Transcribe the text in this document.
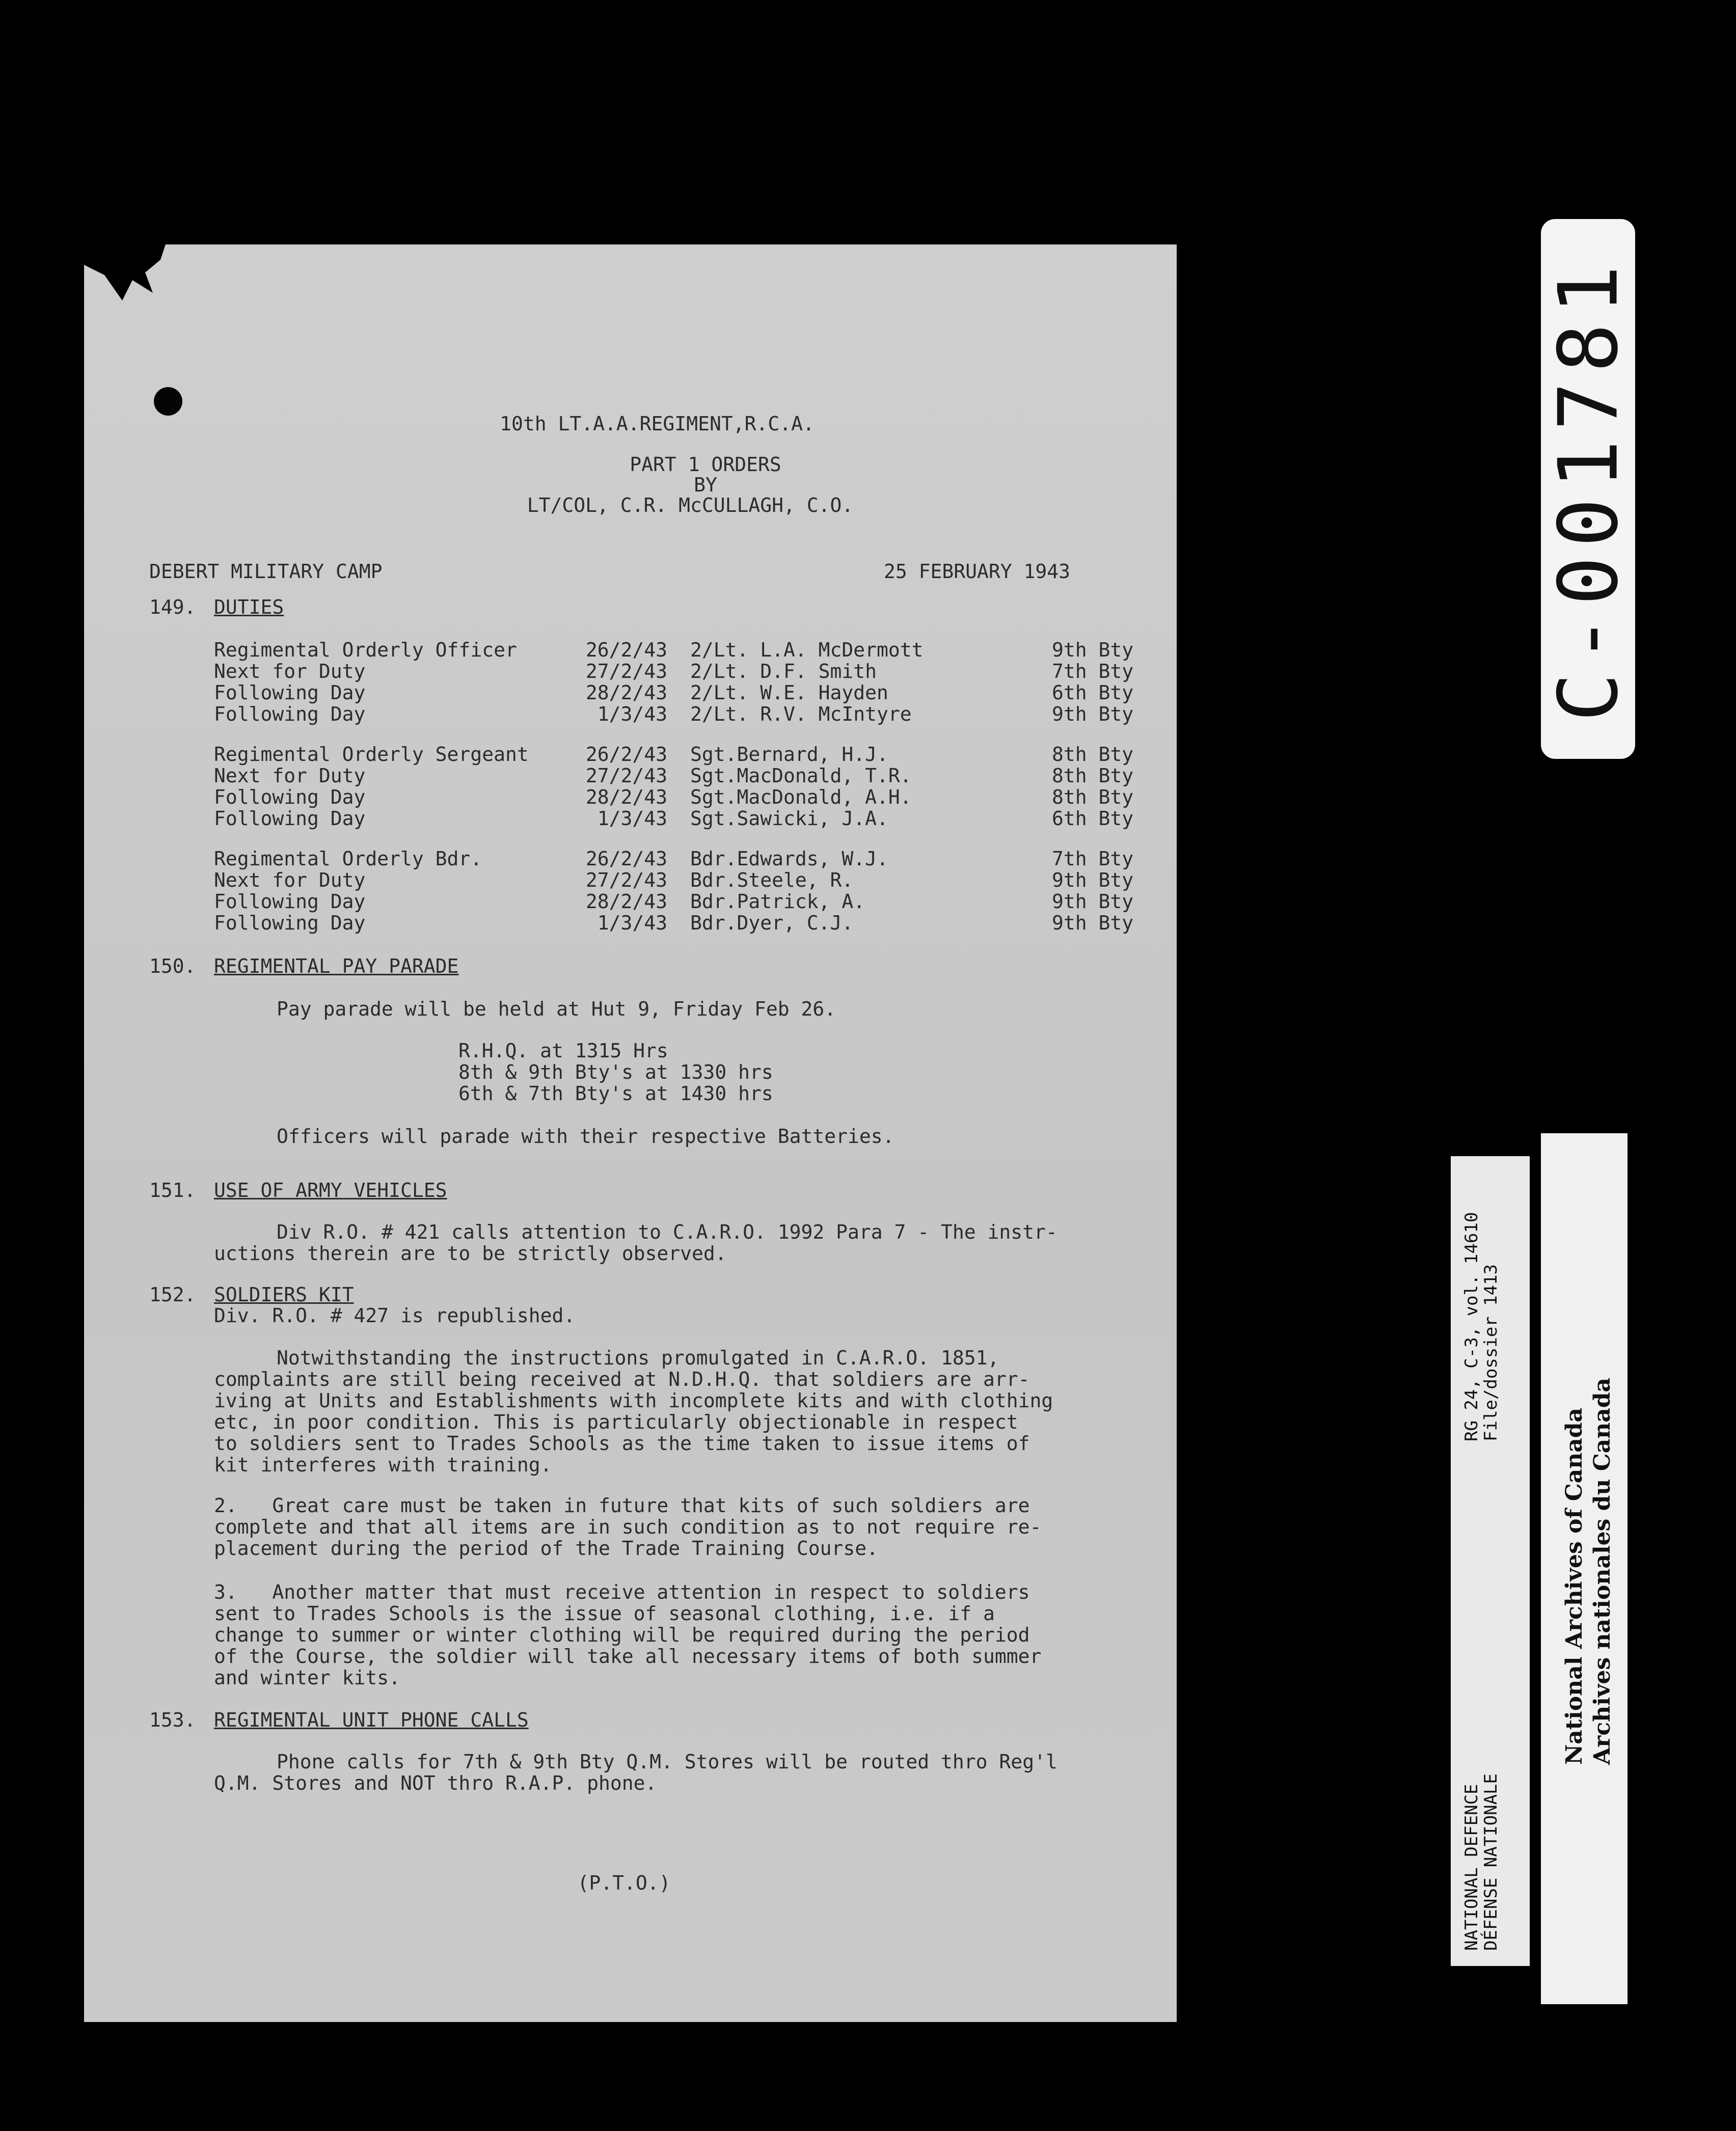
10th LT.A.A.REGIMENT,R.C.A.
PART 1 ORDERS
BY
LT/COL, C.R. McCULLAGH, C.O.
DEBERT MILITARY CAMP	25 FEBRUARY 1943
149. DUTIES
Regimental Orderly Officer	26/2/43 2/Lt. L.A. McDermott	9th Bty
Next for Duty	27/2/43 2/Lt. D.F. Smith	7th Bty
Following Day	28/2/43 2/Lt. W.E. Hayden	6th Bty
Following Day	1/3/43 2/Lt. R.V. McIntyre	9th Bty
Regimental Orderly Sergeant	26/2/43 Sgt.Bernard, H.J.	8th Bty
Next for Duty	27/2/43 Sgt.MacDonald, T.R.	8th Bty
Following Day	28/2/43 Sgt.MacDonald, A.H.	8th Bty
Following Day	1/3/43 Sgt.Sawicki, J.A.	6th Bty
Regimental Orderly Bdr.	26/2/43 Bdr.Edwards, W.J.	7th Bty
Next for Duty	27/2/43 Bdr.Steele, R.	9th Bty
Following Day	28/2/43 Bdr.Patrick, A.	9th Bty
Following Day	1/3/43 Bdr.Dyer, C.J.	9th Bty
150. REGIMENTAL PAY PARADE
Pay parade will be held at Hut 9, Friday Feb 26.
R.H.Q. at 1315 Hrs
8th & 9th Bty's at 1330 hrs
6th & 7th Bty's at 1430 hrs
Officers will parade with their respective Batteries.
151. USE OF ARMY VEHICLES
Div R.O. # 421 calls attention to C.A.R.O. 1992 Para 7 - The instr-
uctions therein are to be strictly observed.
152. SOLDIERS KIT
Div. R.O. # 427 is republished.
Notwithstanding the instructions promulgated in C.A.R.O. 1851,
complaints are still being received at N.D.H.Q. that soldiers are arr-
iving at Units and Establishments with incomplete kits and with clothing
etc, in poor condition. This is particularly objectionable in respect
to soldiers sent to Trades Schools as the time taken to issue items of
kit interferes with training.
2.   Great care must be taken in future that kits of such soldiers are
complete and that all items are in such condition as to not require re-
placement during the period of the Trade Training Course.
3.   Another matter that must receive attention in respect to soldiers
sent to Trades Schools is the issue of seasonal clothing, i.e. if a
change to summer or winter clothing will be required during the period
of the Course, the soldier will take all necessary items of both summer
and winter kits.
153. REGIMENTAL UNIT PHONE CALLS
Phone calls for 7th & 9th Bty Q.M. Stores will be routed thro Reg'l
Q.M. Stores and NOT thro R.A.P. phone.
(P.T.O.)
C-001781
NATIONAL DEFENCE
DÉFENSE NATIONALE
RG 24, C-3, vol. 14610
File/dossier 1413
National Archives of Canada Archives nationales du Canada
